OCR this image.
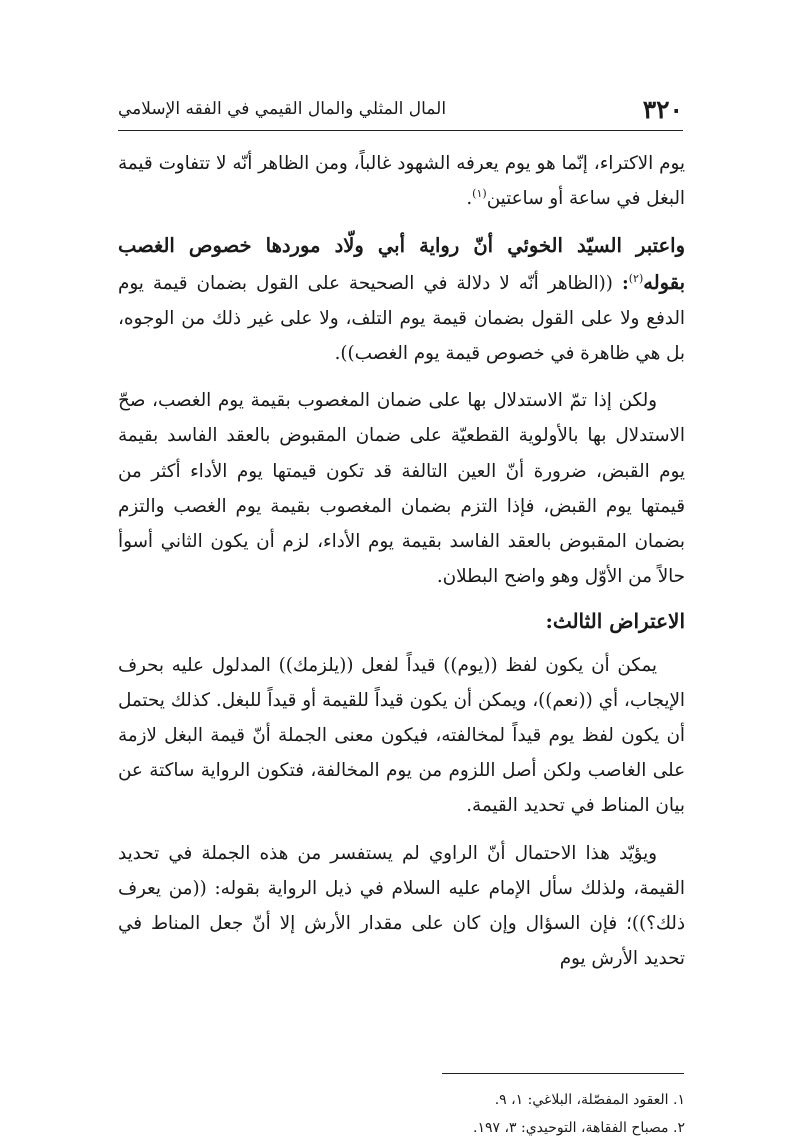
٣٢٠
المال المثلي والمال القيمي في الفقه الإسلامي

يوم الاكتراء، إنّما هو يوم يعرفه الشهود غالباً، ومن الظاهر أنّه لا تتفاوت قيمة البغل في ساعة أو ساعتين$^{(١)}$.

واعتبر السيّد الخوئي أنّ رواية أبي ولّاد موردها خصوص الغصب بقوله$^{(٢)}$: ((الظاهر أنّه لا دلالة في الصحيحة على القول بضمان قيمة يوم الدفع ولا على القول بضمان قيمة يوم التلف، ولا على غير ذلك من الوجوه، بل هي ظاهرة في خصوص قيمة يوم الغصب)).

ولكن إذا تمّ الاستدلال بها على ضمان المغصوب بقيمة يوم الغصب، صحّ الاستدلال بها بالأولوية القطعيّة على ضمان المقبوض بالعقد الفاسد بقيمة يوم القبض، ضرورة أنّ العين التالفة قد تكون قيمتها يوم الأداء أكثر من قيمتها يوم القبض، فإذا التزم بضمان المغصوب بقيمة يوم الغصب والتزم بضمان المقبوض بالعقد الفاسد بقيمة يوم الأداء، لزم أن يكون الثاني أسوأ حالاً من الأوّل وهو واضح البطلان.

الاعتراض الثالث:

يمكن أن يكون لفظ ((يوم)) قيداً لفعل ((يلزمك)) المدلول عليه بحرف الإيجاب، أي ((نعم))، ويمكن أن يكون قيداً للقيمة أو قيداً للبغل. كذلك يحتمل أن يكون لفظ يوم قيداً لمخالفته، فيكون معنى الجملة أنّ قيمة البغل لازمة على الغاصب ولكن أصل اللزوم من يوم المخالفة، فتكون الرواية ساكتة عن بيان المناط في تحديد القيمة.

ويؤيّد هذا الاحتمال أنّ الراوي لم يستفسر من هذه الجملة في تحديد القيمة، ولذلك سأل الإمام عليه السلام في ذيل الرواية بقوله: ((من يعرف ذلك؟))؛ فإن السؤال وإن كان على مقدار الأرش إلا أنّ جعل المناط في تحديد الأرش يوم

١. العقود المفصّلة، البلاغي: ١، ٩.

٢. مصباح الفقاهة، التوحيدي: ٣، ١٩٧.
